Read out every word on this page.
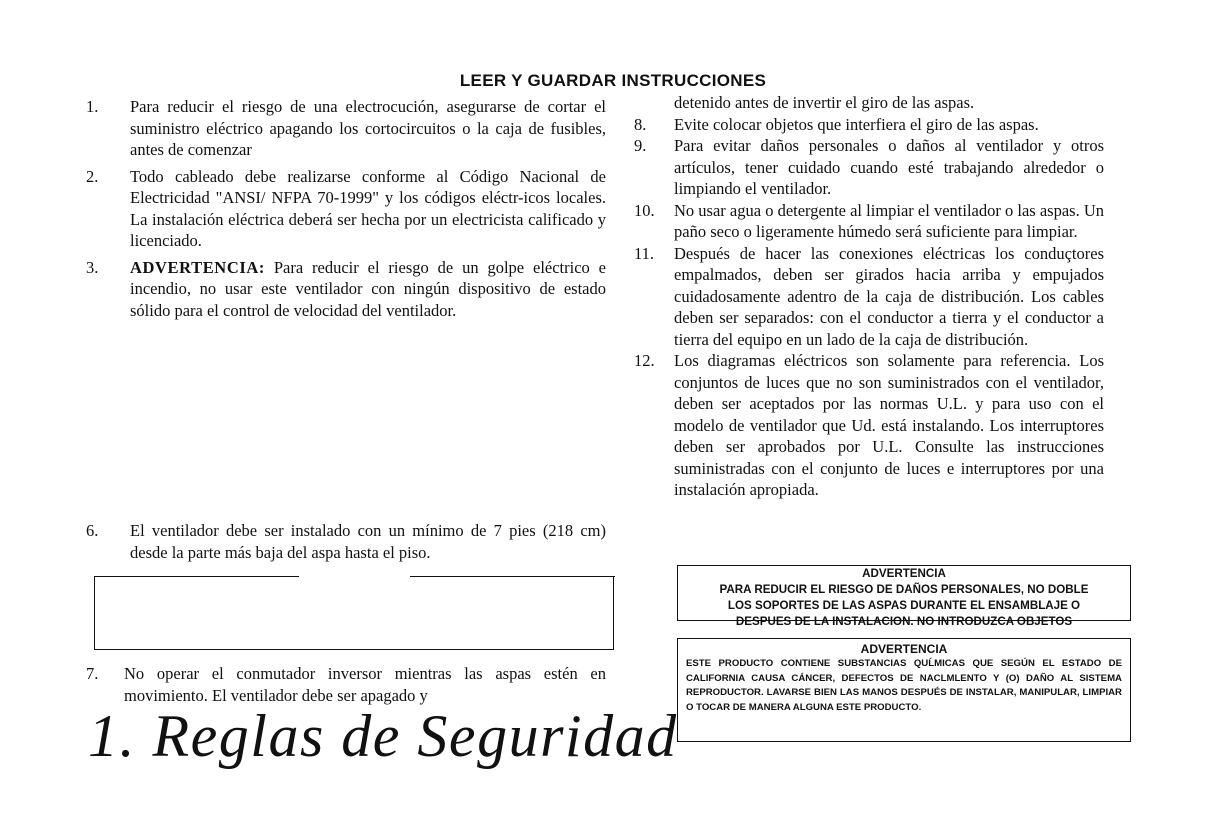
LEER Y GUARDAR INSTRUCCIONES
1. Para reducir el riesgo de una electrocución, asegurarse de cortar el suministro eléctrico apagando los cortocircuitos o la caja de fusibles, antes de comenzar
2. Todo cableado debe realizarse conforme al Código Nacional de Electricidad "ANSI/ NFPA 70-1999" y los códigos eléctr-icos locales. La instalación eléctrica deberá ser hecha por un electricista calificado y licenciado.
3. ADVERTENCIA: Para reducir el riesgo de un golpe eléctrico e incendio, no usar este ventilador con ningún dispositivo de estado sólido para el control de velocidad del ventilador.
6. El ventilador debe ser instalado con un mínimo de 7 pies (218 cm) desde la parte más baja del aspa hasta el piso.
7. No operar el conmutador inversor mientras las aspas estén en movimiento. El ventilador debe ser apagado y
1. Reglas de Seguridad
detenido antes de invertir el giro de las aspas.
8. Evite colocar objetos que interfiera el giro de las aspas.
9. Para evitar daños personales o daños al ventilador y otros artículos, tener cuidado cuando esté trabajando alrededor o limpiando el ventilador.
10. No usar agua o detergente al limpiar el ventilador o las aspas. Un paño seco o ligeramente húmedo será suficiente para limpiar.
11. Después de hacer las conexiones eléctricas los conduçtores empalmados, deben ser girados hacia arriba y empujados cuidadosamente adentro de la caja de distribución. Los cables deben ser separados: con el conductor a tierra y el conductor a tierra del equipo en un lado de la caja de distribución.
12. Los diagramas eléctricos son solamente para referencia. Los conjuntos de luces que no son suministrados con el ventilador, deben ser aceptados por las normas U.L. y para uso con el modelo de ventilador que Ud. está instalando. Los interruptores deben ser aprobados por U.L. Consulte las instrucciones suministradas con el conjunto de luces e interruptores por una instalación apropiada.
ADVERTENCIA
PARA REDUCIR EL RIESGO DE DAÑOS PERSONALES, NO DOBLE
LOS SOPORTES DE LAS ASPAS DURANTE EL ENSAMBLAJE O
DESPUES DE LA INSTALACION. NO INTRODUZCA OBJETOS
ADVERTENCIA
ESTE PRODUCTO CONTIENE SUBSTANCIAS QUĹMICAS QUE SEGÚN EL ESTADO DE CALIFORNIA CAUSA CÁNCER, DEFECTOS DE NACLMLENTO Y (O) DAÑO AL SISTEMA REPRODUCTOR. LAVARSE BIEN LAS MANOS DESPUÉS DE INSTALAR, MANIPULAR, LIMPIAR O TOCAR DE MANERA ALGUNA ESTE PRODUCTO.
